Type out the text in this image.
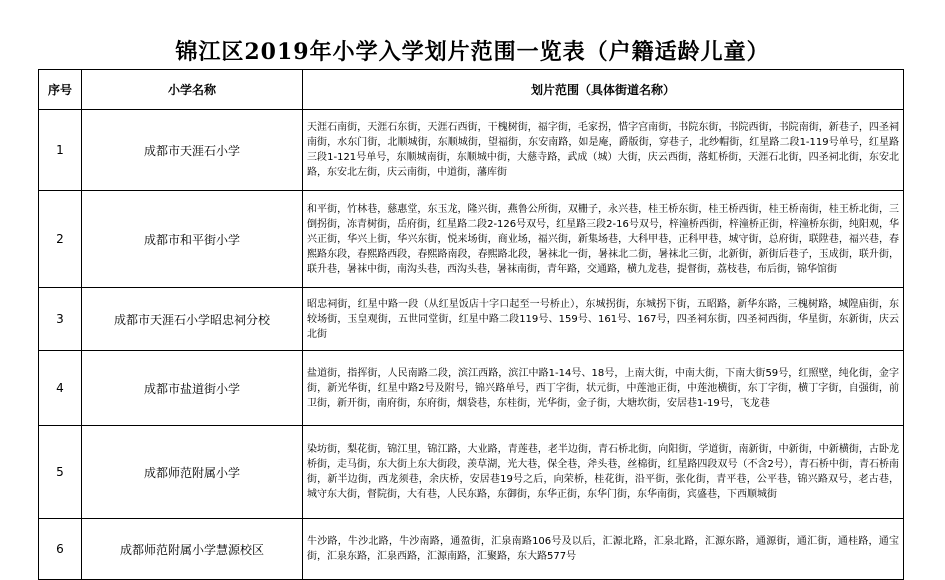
锦江区2019年小学入学划片范围一览表（户籍适龄儿童）
序号	小学名称	划片范围（具体街道名称）
1	成都市天涯石小学	天涯石南街，天涯石东街，天涯石西街，干槐树街，福字街，毛家拐，惜字宫南街，书院东街，书院西街，书院南街，新巷子，四圣祠南街，水东门街，北顺城街，东顺城街，望福街，东安南路，如是庵，爵版街，穿巷子，北纱帽街，红星路二段1-119号单号，红星路三段1-121号单号，东顺城南街，东顺城中街，大慈寺路，武成（城）大街，庆云西街，落虹桥街，天涯石北街，四圣祠北街，东安北路，东安北左街，庆云南街，中道街，藩库街
2	成都市和平街小学	和平街，竹林巷，慈惠堂，东玉龙，隆兴街，燕鲁公所街，双栅子，永兴巷，桂王桥东街，桂王桥西街，桂王桥南街，桂王桥北街，三倒拐街，冻青树街，岳府街，红星路二段2-126号双号，红星路三段2-16号双号，梓潼桥西街，梓潼桥正街，梓潼桥东街，纯阳观，华兴正街，华兴上街，华兴东街，悦来场街，商业场，福兴街，新集场巷，大科甲巷，正科甲巷，城守街，总府街，联陞巷，福兴巷，春熙路东段，春熙路西段，春熙路南段，春熙路北段，暑袜北一街，暑袜北二街，暑袜北三街，北新街，新街后巷子，玉成街，联升街，联升巷，暑袜中街，南沟头巷，西沟头巷，暑袜南街，青年路，交通路，横九龙巷，提督街，荔枝巷，布后街，锦华馆街
3	成都市天涯石小学昭忠祠分校	昭忠祠街，红星中路一段（从红星饭店十字口起至一号桥止），东城拐街，东城拐下街，五昭路，新华东路，三槐树路，城隍庙街，东较场街，玉皇观街，五世同堂街，红星中路二段119号、159号、161号、167号，四圣祠东街，四圣祠西街，华星街，东新街，庆云北街
4	成都市盐道街小学	盐道街，指挥街，人民南路二段，滨江西路，滨江中路1-14号、18号，上南大街，中南大街，下南大街59号，红照壁，纯化街，金字街，新光华街，红星中路2号及附号，锦兴路单号，西丁字街，状元街，中莲池正街，中莲池横街，东丁字街，横丁字街，自强街，前卫街，新开街，南府街，东府街，烟袋巷，东桂街，光华街，金子街，大塘坎街，安居巷1-19号，飞龙巷
5	成都师范附属小学	染坊街，梨花街，锦江里，锦江路，大业路，青莲巷，老半边街，青石桥北街，向阳街，学道街，南新街，中新街，中新横街，古卧龙桥街，走马街，东大街上东大街段，羡草湖，光大巷，保全巷，斧头巷，丝棉街，红星路四段双号（不含2号），青石桥中街，青石桥南街，新半边街，西龙须巷，余庆桥，安居巷19号之后，向荣桥，桂花街，沿平街，张化街，青平巷，公平巷，锦兴路双号，老古巷，城守东大街，督院街，大有巷，人民东路，东御街，东华正街，东华门街，东华南街，宾盛巷，下西顺城街
6	成都师范附属小学慧源校区	牛沙路，牛沙北路，牛沙南路，通盈街，汇泉南路106号及以后，汇源北路，汇泉北路，汇源东路，通源街，通汇街，通桂路，通宝街，汇泉东路，汇泉西路，汇源南路，汇聚路，东大路577号
